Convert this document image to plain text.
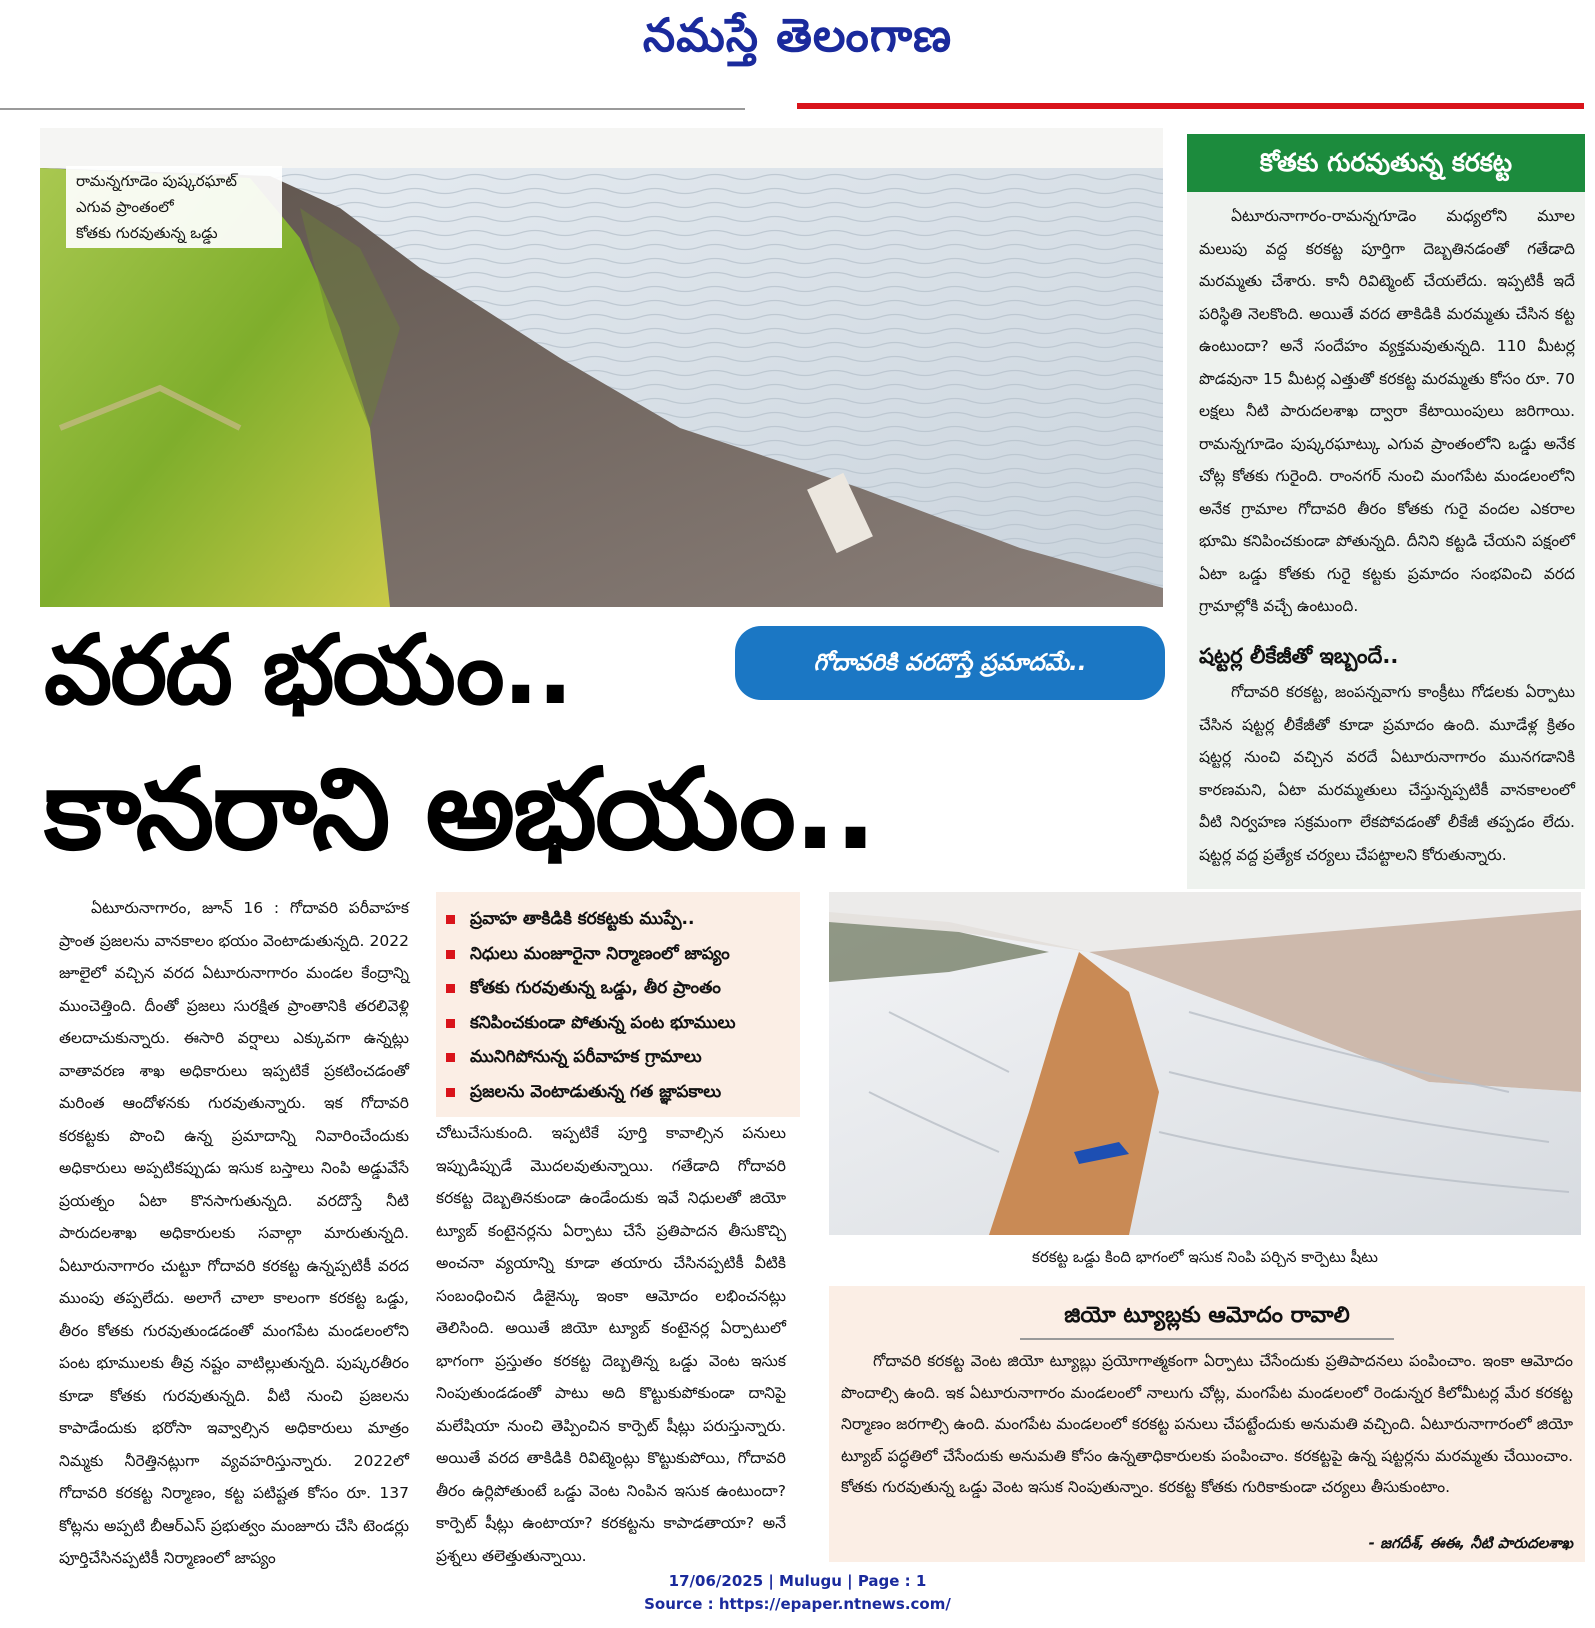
నమస్తే తెలంగాణ
రామన్నగూడెం పుష్కరఘాట్
ఎగువ ప్రాంతంలో
కోతకు గురవుతున్న ఒడ్డు
కోతకు గురవుతున్న కరకట్ట

ఏటూరునాగారం-రామన్నగూడెం మధ్యలోని మూల మలుపు వద్ద కరకట్ట పూర్తిగా దెబ్బతినడంతో గతేడాది మరమ్మతు చేశారు. కానీ రివిట్మెంట్ చేయలేదు. ఇప్పటికీ ఇదే పరిస్థితి నెలకొంది. అయితే వరద తాకిడికి మరమ్మతు చేసిన కట్ట ఉంటుందా? అనే సందేహం వ్యక్తమవుతున్నది. 110 మీటర్ల పొడవునా 15 మీటర్ల ఎత్తుతో కరకట్ట మరమ్మతు కోసం రూ. 70 లక్షలు నీటి పారుదలశాఖ ద్వారా కేటాయింపులు జరిగాయి. రామన్నగూడెం పుష్కరఘాట్కు ఎగువ ప్రాంతంలోని ఒడ్డు అనేక చోట్ల కోతకు గురైంది. రాంనగర్ నుంచి మంగపేట మండలంలోని అనేక గ్రామాల గోదావరి తీరం కోతకు గురై వందల ఎకరాల భూమి కనిపించకుండా పోతున్నది. దీనిని కట్టడి చేయని పక్షంలో ఏటా ఒడ్డు కోతకు గురై కట్టకు ప్రమాదం సంభవించి వరద గ్రామాల్లోకి వచ్చే ఉంటుంది.

షట్టర్ల లీకేజీతో ఇబ్బందే..

గోదావరి కరకట్ట, జంపన్నవాగు కాంక్రీటు గోడలకు ఏర్పాటు చేసిన షట్టర్ల లీకేజీతో కూడా ప్రమాదం ఉంది. మూడేళ్ల క్రితం షట్టర్ల నుంచి వచ్చిన వరదే ఏటూరునాగారం మునగడానికి కారణమని, ఏటా మరమ్మతులు చేస్తున్నప్పటికీ వానకాలంలో వీటి నిర్వహణ సక్రమంగా లేకపోవడంతో లీకేజీ తప్పడం లేదు. షట్టర్ల వద్ద ప్రత్యేక చర్యలు చేపట్టాలని కోరుతున్నారు.

వరద భయం..	గోదావరికి వరదొస్తే ప్రమాదమే..
కానరాని అభయం..

ఏటూరునాగారం, జూన్ 16 : గోదావరి పరీవాహక ప్రాంత ప్రజలను వానకాలం భయం వెంటాడుతున్నది. 2022 జూలైలో వచ్చిన వరద ఏటూరునాగారం మండల కేంద్రాన్ని ముంచెత్తింది. దీంతో ప్రజలు సురక్షిత ప్రాంతానికి తరలివెళ్లి తలదాచుకున్నారు. ఈసారి వర్షాలు ఎక్కువగా ఉన్నట్లు వాతావరణ శాఖ అధికారులు ఇప్పటికే ప్రకటించడంతో మరింత ఆందోళనకు గురవుతున్నారు. ఇక గోదావరి కరకట్టకు పొంచి ఉన్న ప్రమాదాన్ని నివారించేందుకు అధికారులు అప్పటికప్పుడు ఇసుక బస్తాలు నింపి అడ్డువేసే ప్రయత్నం ఏటా కొనసాగుతున్నది. వరదొస్తే నీటి పారుదలశాఖ అధికారులకు సవాల్గా మారుతున్నది. ఏటూరునాగారం చుట్టూ గోదావరి కరకట్ట ఉన్నప్పటికీ వరద ముంపు తప్పలేదు. అలాగే చాలా కాలంగా కరకట్ట ఒడ్డు, తీరం కోతకు గురవుతుండడంతో మంగపేట మండలంలోని పంట భూములకు తీవ్ర నష్టం వాటిల్లుతున్నది. పుష్కరతీరం కూడా కోతకు గురవుతున్నది. వీటి నుంచి ప్రజలను కాపాడేందుకు భరోసా ఇవ్వాల్సిన అధికారులు మాత్రం నిమ్మకు నీరెత్తినట్లుగా వ్యవహరిస్తున్నారు. 2022లో గోదావరి కరకట్ట నిర్మాణం, కట్ట పటిష్టత కోసం రూ. 137 కోట్లను అప్పటి బీఆర్ఎస్ ప్రభుత్వం మంజూరు చేసి టెండర్లు పూర్తిచేసినప్పటికీ నిర్మాణంలో జాప్యం

ప్రవాహ తాకిడికి కరకట్టకు ముప్పే..
నిధులు మంజూరైనా నిర్మాణంలో జాప్యం
కోతకు గురవుతున్న ఒడ్డు, తీర ప్రాంతం
కనిపించకుండా పోతున్న పంట భూములు
మునిగిపోనున్న పరీవాహక గ్రామాలు
ప్రజలను వెంటాడుతున్న గత జ్ఞాపకాలు

చోటుచేసుకుంది. ఇప్పటికే పూర్తి కావాల్సిన పనులు ఇప్పుడిప్పుడే మొదలవుతున్నాయి. గతేడాది గోదావరి కరకట్ట దెబ్బతినకుండా ఉండేందుకు ఇవే నిధులతో జియో ట్యూబ్ కంటైనర్లను ఏర్పాటు చేసే ప్రతిపాదన తీసుకొచ్చి అంచనా వ్యయాన్ని కూడా తయారు చేసినప్పటికీ వీటికి సంబంధించిన డిజైన్కు ఇంకా ఆమోదం లభించనట్లు తెలిసింది. అయితే జియో ట్యూబ్ కంటైనర్ల ఏర్పాటులో భాగంగా ప్రస్తుతం కరకట్ట దెబ్బతిన్న ఒడ్డు వెంట ఇసుక నింపుతుండడంతో పాటు అది కొట్టుకుపోకుండా దానిపై మలేషియా నుంచి తెప్పించిన కార్పెట్ షీట్లు పరుస్తున్నారు. అయితే వరద తాకిడికి రివిట్మెంట్లు కొట్టుకుపోయి, గోదావరి తీరం ఉర్లిపోతుంటే ఒడ్డు వెంట నింపిన ఇసుక ఉంటుందా? కార్పెట్ షీట్లు ఉంటాయా? కరకట్టను కాపాడతాయా? అనే ప్రశ్నలు తలెత్తుతున్నాయి.

కరకట్ట ఒడ్డు కింది భాగంలో ఇసుక నింపి పర్చిన కార్పెటు షీటు
జియో ట్యూబ్లకు ఆమోదం రావాలి

గోదావరి కరకట్ట వెంట జియో ట్యూబ్లు ప్రయోగాత్మకంగా ఏర్పాటు చేసేందుకు ప్రతిపాదనలు పంపించాం. ఇంకా ఆమోదం పొందాల్సి ఉంది. ఇక ఏటూరునాగారం మండలంలో నాలుగు చోట్ల, మంగపేట మండలంలో రెండున్నర కిలోమీటర్ల మేర కరకట్ట నిర్మాణం జరగాల్సి ఉంది. మంగపేట మండలంలో కరకట్ట పనులు చేపట్టేందుకు అనుమతి వచ్చింది. ఏటూరునాగారంలో జియో ట్యూబ్ పద్ధతిలో చేసేందుకు అనుమతి కోసం ఉన్నతాధికారులకు పంపించాం. కరకట్టపై ఉన్న షట్టర్లను మరమ్మతు చేయించాం. కోతకు గురవుతున్న ఒడ్డు వెంట ఇసుక నింపుతున్నాం. కరకట్ట కోతకు గురికాకుండా చర్యలు తీసుకుంటాం.

- జగదీశ్, ఈఈ, నీటి పారుదలశాఖ
17/06/2025 | Mulugu | Page : 1
Source : https://epaper.ntnews.com/
